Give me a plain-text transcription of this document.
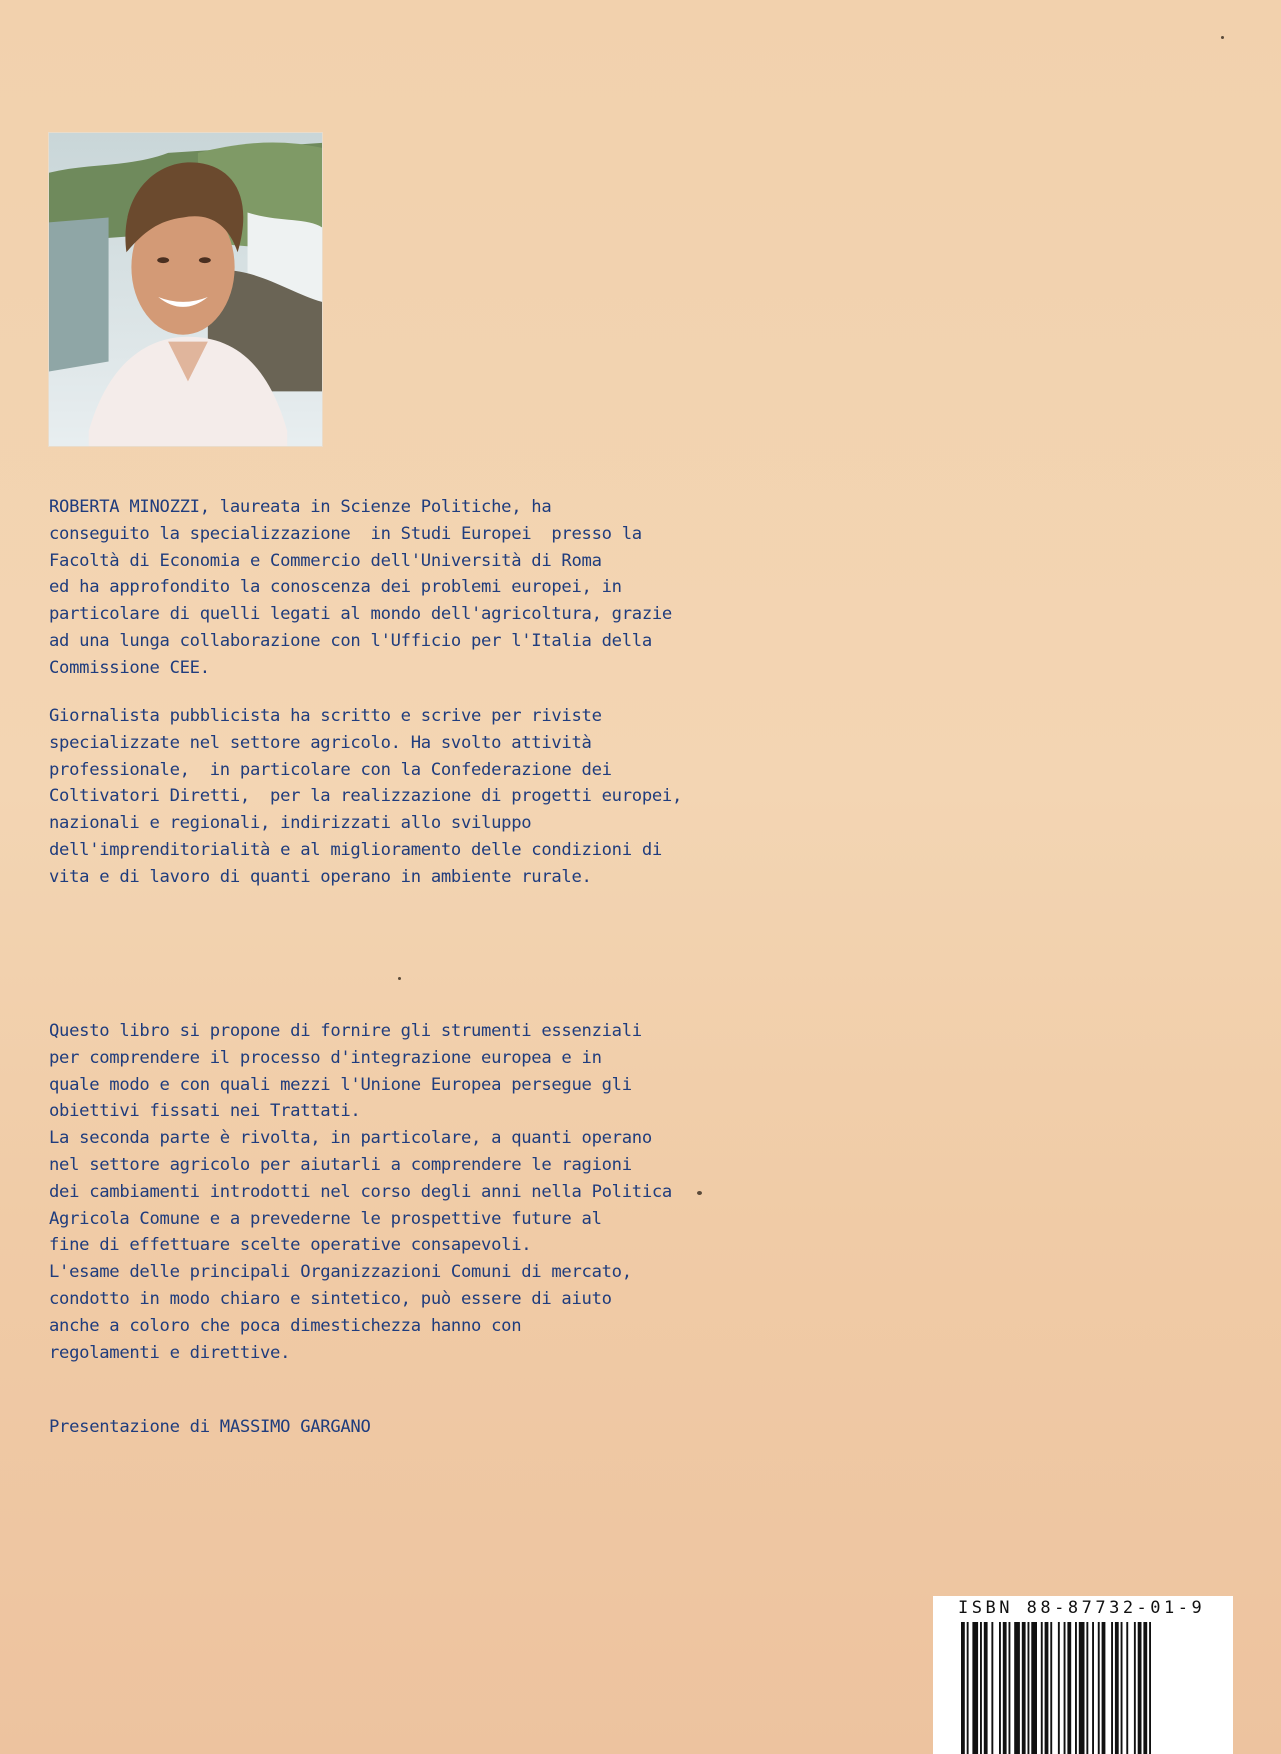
ROBERTA MINOZZI, laureata in Scienze Politiche, ha

conseguito la specializzazione  in Studi Europei  presso la

Facoltà di Economia e Commercio dell'Università di Roma

ed ha approfondito la conoscenza dei problemi europei, in

particolare di quelli legati al mondo dell'agricoltura, grazie

ad una lunga collaborazione con l'Ufficio per l'Italia della

Commissione CEE.

Giornalista pubblicista ha scritto e scrive per riviste

specializzate nel settore agricolo. Ha svolto attività

professionale,  in particolare con la Confederazione dei

Coltivatori Diretti,  per la realizzazione di progetti europei,

nazionali e regionali, indirizzati allo sviluppo

dell'imprenditorialità e al miglioramento delle condizioni di

vita e di lavoro di quanti operano in ambiente rurale.

Questo libro si propone di fornire gli strumenti essenziali

per comprendere il processo d'integrazione europea e in

quale modo e con quali mezzi l'Unione Europea persegue gli

obiettivi fissati nei Trattati.

La seconda parte è rivolta, in particolare, a quanti operano

nel settore agricolo per aiutarli a comprendere le ragioni

dei cambiamenti introdotti nel corso degli anni nella Politica

Agricola Comune e a prevederne le prospettive future al

fine di effettuare scelte operative consapevoli.

L'esame delle principali Organizzazioni Comuni di mercato,

condotto in modo chiaro e sintetico, può essere di aiuto

anche a coloro che poca dimestichezza hanno con

regolamenti e direttive.

Presentazione di MASSIMO GARGANO

ISBN 88-87732-01-9
